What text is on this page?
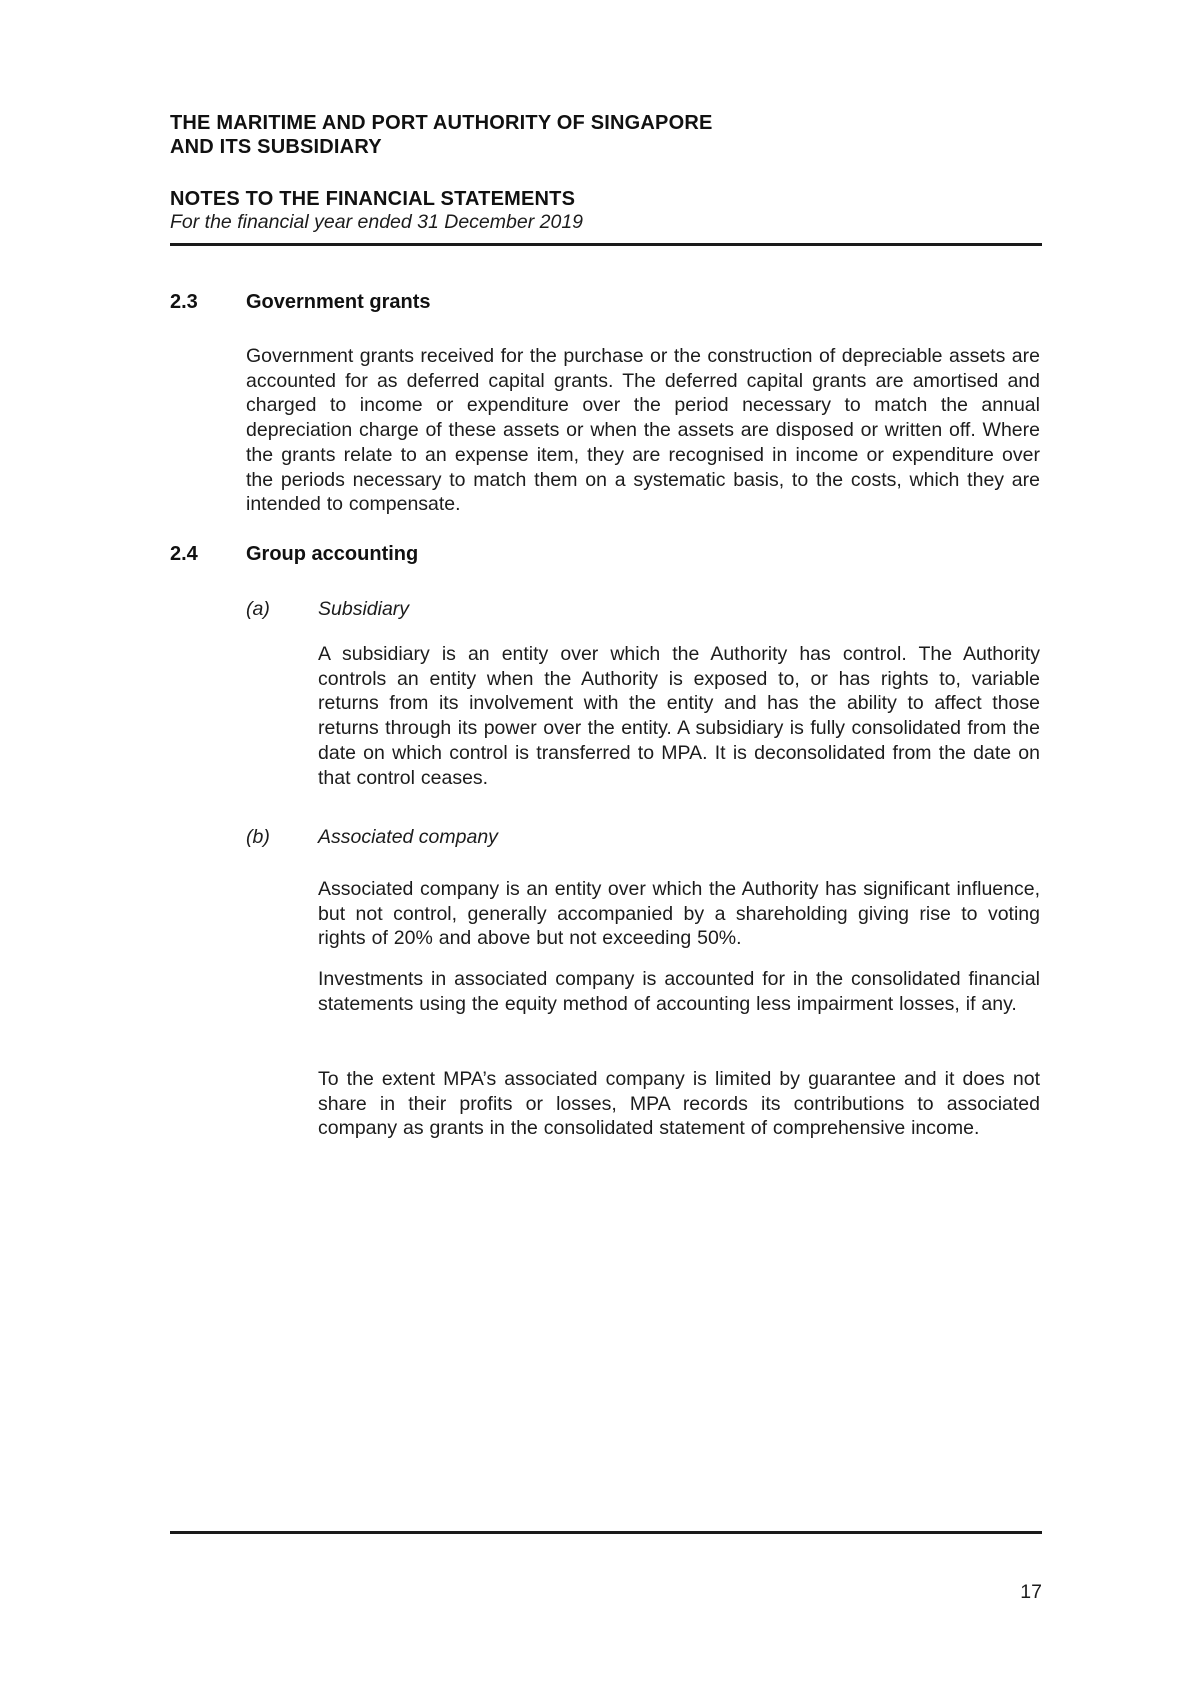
THE MARITIME AND PORT AUTHORITY OF SINGAPORE
AND ITS SUBSIDIARY
NOTES TO THE FINANCIAL STATEMENTS
For the financial year ended 31 December 2019
2.3	Government grants
Government grants received for the purchase or the construction of depreciable assets are accounted for as deferred capital grants. The deferred capital grants are amortised and charged to income or expenditure over the period necessary to match the annual depreciation charge of these assets or when the assets are disposed or written off. Where the grants relate to an expense item, they are recognised in income or expenditure over the periods necessary to match them on a systematic basis, to the costs, which they are intended to compensate.
2.4	Group accounting
(a)	Subsidiary
A subsidiary is an entity over which the Authority has control. The Authority controls an entity when the Authority is exposed to, or has rights to, variable returns from its involvement with the entity and has the ability to affect those returns through its power over the entity. A subsidiary is fully consolidated from the date on which control is transferred to MPA. It is deconsolidated from the date on that control ceases.
(b)	Associated company
Associated company is an entity over which the Authority has significant influence, but not control, generally accompanied by a shareholding giving rise to voting rights of 20% and above but not exceeding 50%.
Investments in associated company is accounted for in the consolidated financial statements using the equity method of accounting less impairment losses, if any.
To the extent MPA’s associated company is limited by guarantee and it does not share in their profits or losses, MPA records its contributions to associated company as grants in the consolidated statement of comprehensive income.
17
